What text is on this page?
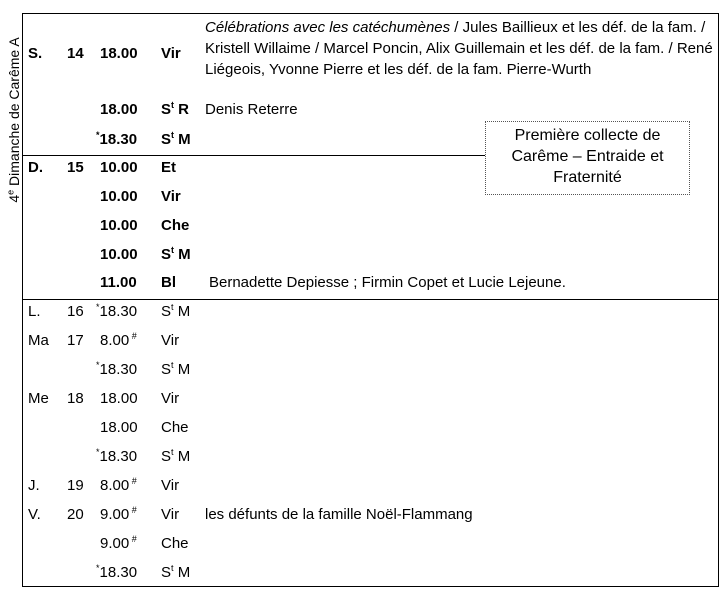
4e Dimanche de Carême A
Célébrations avec les catéchumènes / Jules Baillieux et les déf. de la fam. / Kristell Willaime / Marcel Poncin, Alix Guillemain et les déf. de la fam. / René Liégeois, Yvonne Pierre et les déf. de la fam. Pierre-Wurth
Première collecte de Carême – Entraide et Fraternité
S. 14 18.00 Vir
18.00 $S^t$ R Denis Reterre
*18.30 $S^t$ M
D. 15 10.00 Et
10.00 Vir
10.00 Che
10.00 $S^t$ M
11.00 Bl Bernadette Depiesse ; Firmin Copet et Lucie Lejeune.
L. 16 *18.30 $S^t$ M
Ma 17 8.00 # Vir
*18.30 $S^t$ M
Me 18 18.00 Vir
18.00 Che
*18.30 $S^t$ M
J. 19 8.00 # Vir
V. 20 9.00 # Vir les défunts de la famille Noël-Flammang
9.00 # Che
*18.30 $S^t$ M
